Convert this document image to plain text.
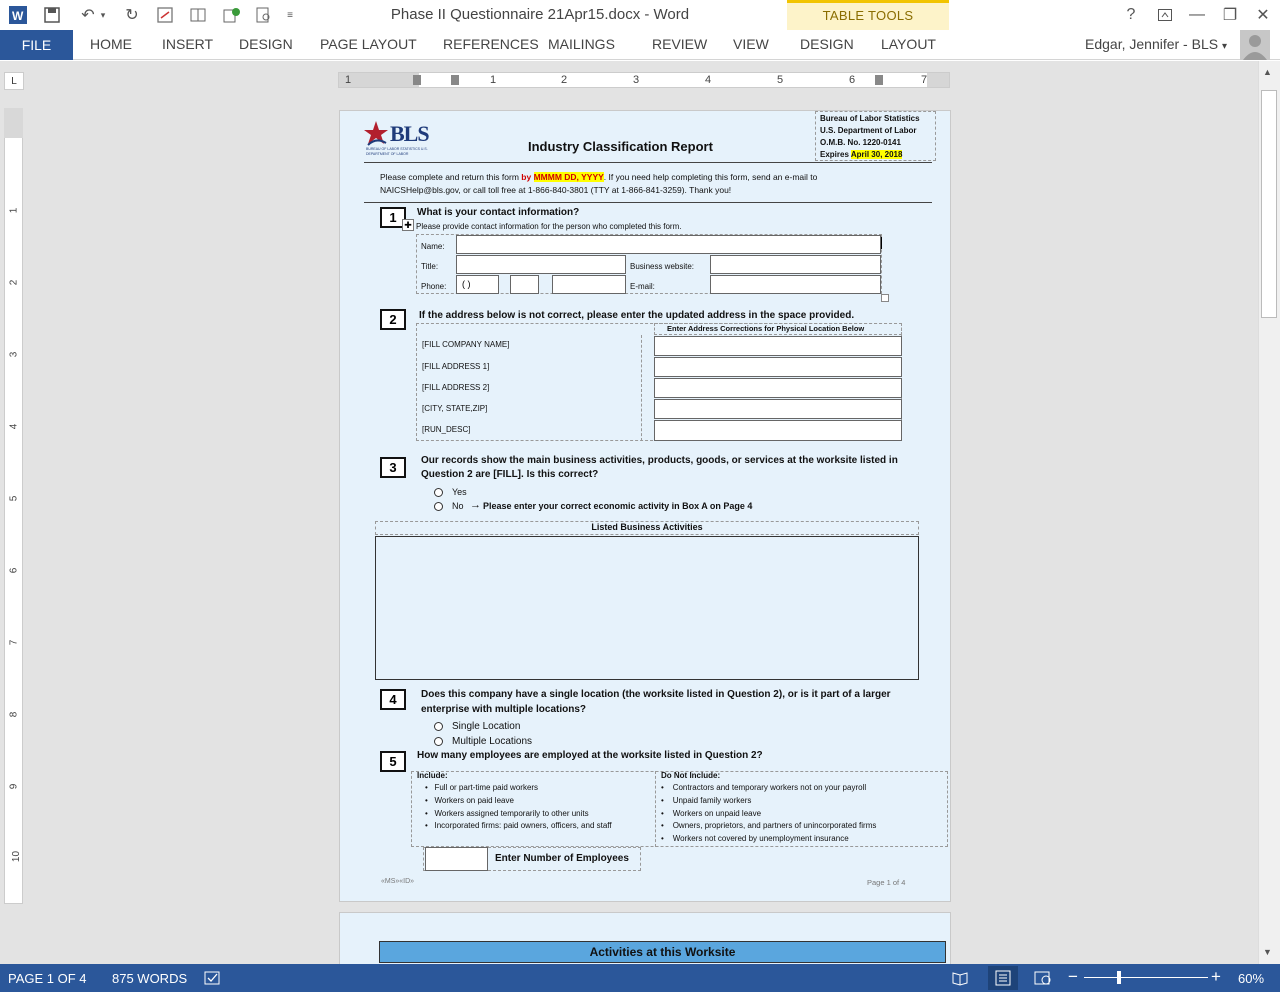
W	↶ ▾	↻	≡	Phase II Questionnaire 21Apr15.docx - Word	?	—	❐	✕
TABLE TOOLS
FILE	HOME INSERT DESIGN PAGE LAYOUT REFERENCES MAILINGS	REVIEW VIEW DESIGN LAYOUT	Edgar, Jennifer - BLS ▾
L	1	1	2	3	4	5	6	7
1
2
3
4
5
6
7
8
9
10
▲
▼
BLS
BUREAU OF LABOR STATISTICS U.S. DEPARTMENT OF LABOR	Industry Classification Report
Bureau of Labor Statistics
U.S. Department of Labor
O.M.B. No. 1220-0141
Expires April 30, 2018
Please complete and return this form by MMMM DD, YYYY. If you need help completing this form, send an e-mail to
NAICSHelp@bls.gov, or call toll free at 1-866-840-3801 (TTY at 1-866-841-3259). Thank you!
1 ✚
What is your contact information?
Please provide contact information for the person who completed this form.
Name:
Title:	Business website:
Phone:	( )	E-mail:
2	If the address below is not correct, please enter the updated address in the space provided.
Enter Address Corrections for Physical Location Below
[FILL COMPANY NAME]
[FILL ADDRESS 1]
[FILL ADDRESS 2]
[CITY, STATE,ZIP]
[RUN_DESC]
3	Our records show the main business activities, products, goods, or services at the worksite listed in
Question 2 are [FILL]. Is this correct?
Yes
No → Please enter your correct economic activity in Box A on Page 4
Listed Business Activities
4	Does this company have a single location (the worksite listed in Question 2), or is it part of a larger
enterprise with multiple locations?
Single Location
Multiple Locations
5	How many employees are employed at the worksite listed in Question 2?
Include:
•   Full or part-time paid workers
•   Workers on paid leave
•   Workers assigned temporarily to other units
•   Incorporated firms: paid owners, officers, and staff
Do Not Include:
•    Contractors and temporary workers not on your payroll
•    Unpaid family workers
•    Workers on unpaid leave
•    Owners, proprietors, and partners of unincorporated firms
•    Workers not covered by unemployment insurance
Enter Number of Employees
«MS»«ID»	Page 1 of 4
Activities at this Worksite
PAGE 1 OF 4 875 WORDS	−	+ 60%
